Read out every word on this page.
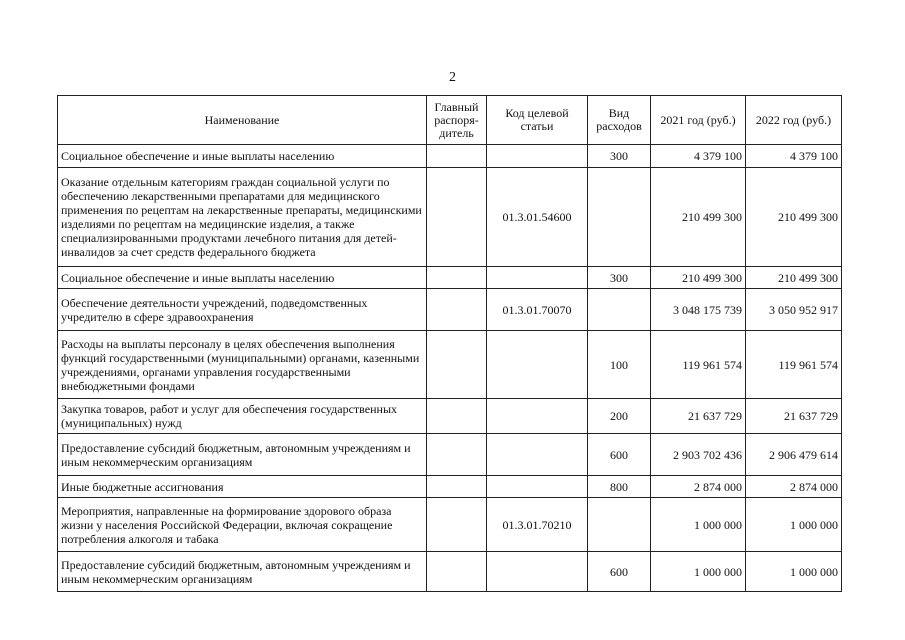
2
Наименование	Главный распоря-дитель	Код целевой статьи	Вид расходов	2021 год (руб.)	2022 год (руб.)
Социальное обеспечение и иные выплаты населению			300	4 379 100	4 379 100
Оказание отдельным категориям граждан социальной услуги по обеспечению лекарственными препаратами для медицинского применения по рецептам на лекарственные препараты, медицинскими изделиями по рецептам на медицинские изделия, а также специализированными продуктами лечебного питания для детей-инвалидов за счет средств федерального бюджета		01.3.01.54600		210 499 300	210 499 300
Социальное обеспечение и иные выплаты населению			300	210 499 300	210 499 300
Обеспечение деятельности учреждений, подведомственных учредителю в сфере здравоохранения		01.3.01.70070		3 048 175 739	3 050 952 917
Расходы на выплаты персоналу в целях обеспечения выполнения функций государственными (муниципальными) органами, казенными учреждениями, органами управления государственными внебюджетными фондами			100	119 961 574	119 961 574
Закупка товаров, работ и услуг для обеспечения государственных (муниципальных) нужд			200	21 637 729	21 637 729
Предоставление субсидий бюджетным, автономным учреждениям и иным некоммерческим организациям			600	2 903 702 436	2 906 479 614
Иные бюджетные ассигнования			800	2 874 000	2 874 000
Мероприятия, направленные на формирование здорового образа жизни у населения Российской Федерации, включая сокращение потребления алкоголя и табака		01.3.01.70210		1 000 000	1 000 000
Предоставление субсидий бюджетным, автономным учреждениям и иным некоммерческим организациям			600	1 000 000	1 000 000
